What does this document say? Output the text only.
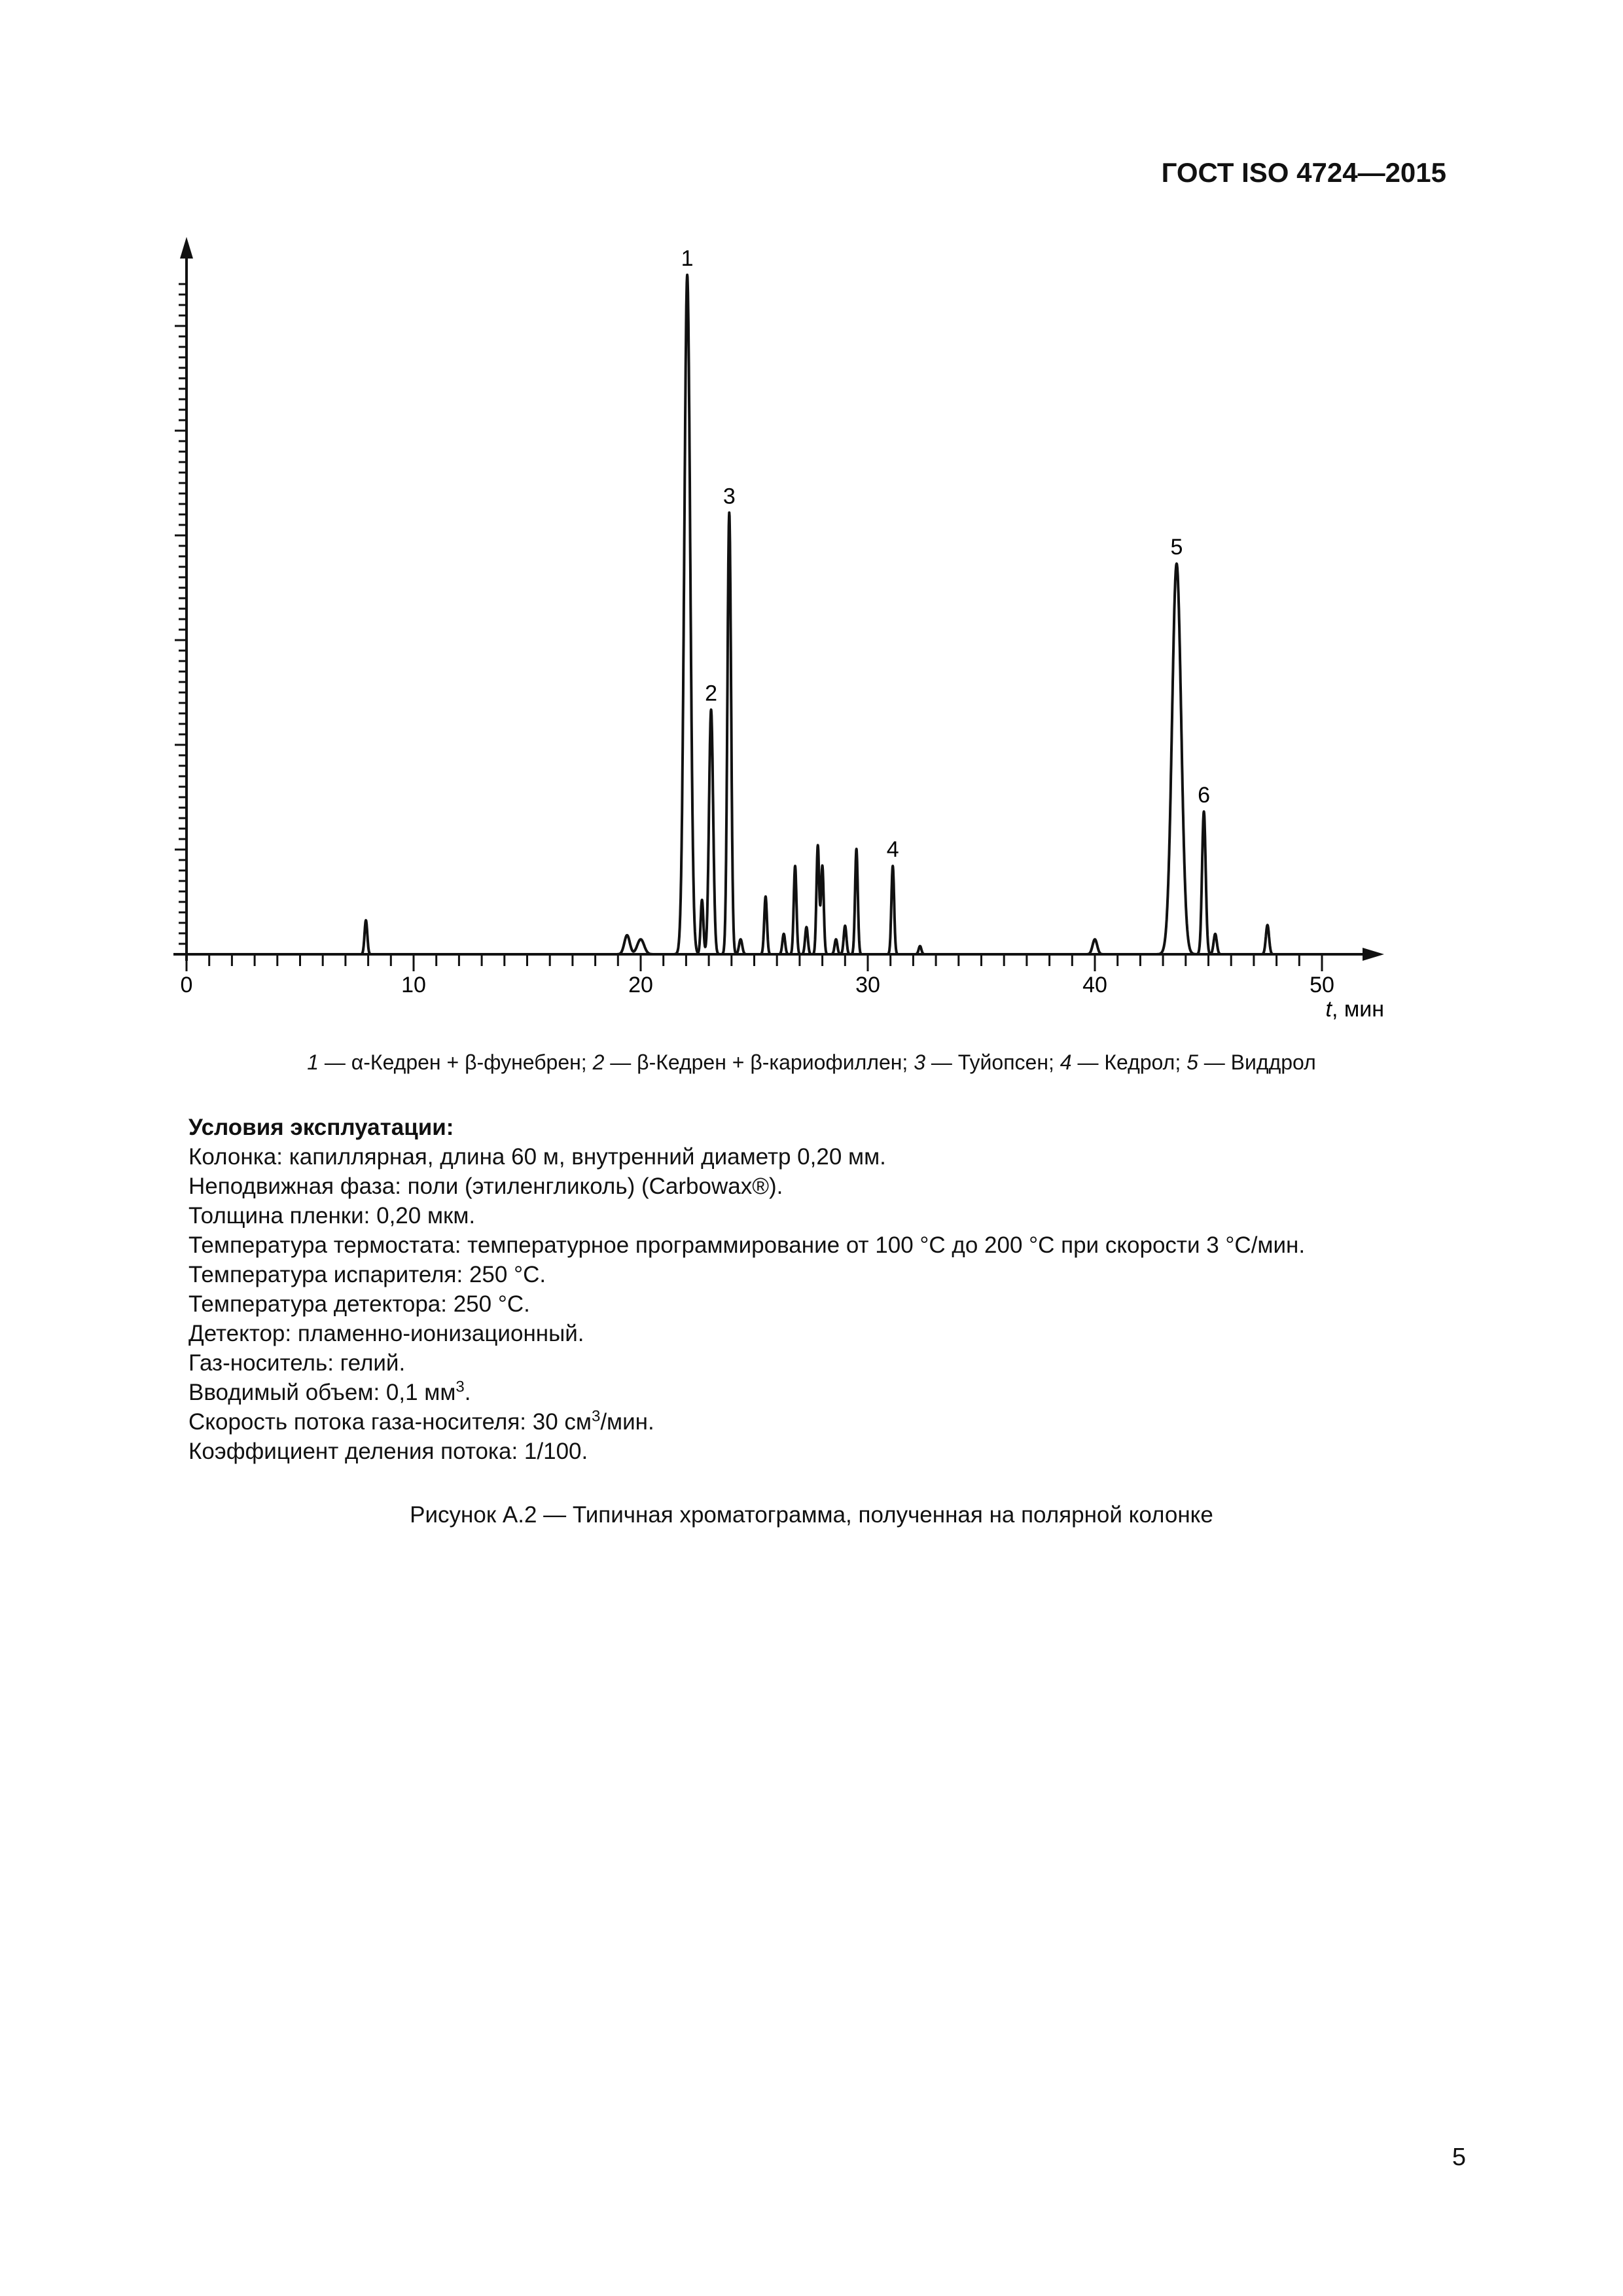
ГОСТ ISO 4724—2015
0	10	20	30	40	50
1
2
3
4
5
6
t, мин
1 — α-Кедрен + β-фунебрен; 2 — β-Кедрен + β-кариофиллен; 3 — Туйопсен; 4 — Кедрол; 5 — Виддрол
Условия эксплуатации:
Колонка: капиллярная, длина 60 м, внутренний диаметр 0,20 мм.
Неподвижная фаза: поли (этиленгликоль) (Carbowax®).
Толщина пленки: 0,20 мкм.
Температура термостата: температурное программирование от 100 °С до 200 °С при скорости 3 °С/мин.
Температура испарителя: 250 °С.
Температура детектора: 250 °С.
Детектор: пламенно-ионизационный.
Газ-носитель: гелий.
Вводимый объем: 0,1 $мм^3$.
Скорость потока газа-носителя: 30 $см^3$/мин.
Коэффициент деления потока: 1/100.
Рисунок А.2 — Типичная хроматограмма, полученная на полярной колонке
5
